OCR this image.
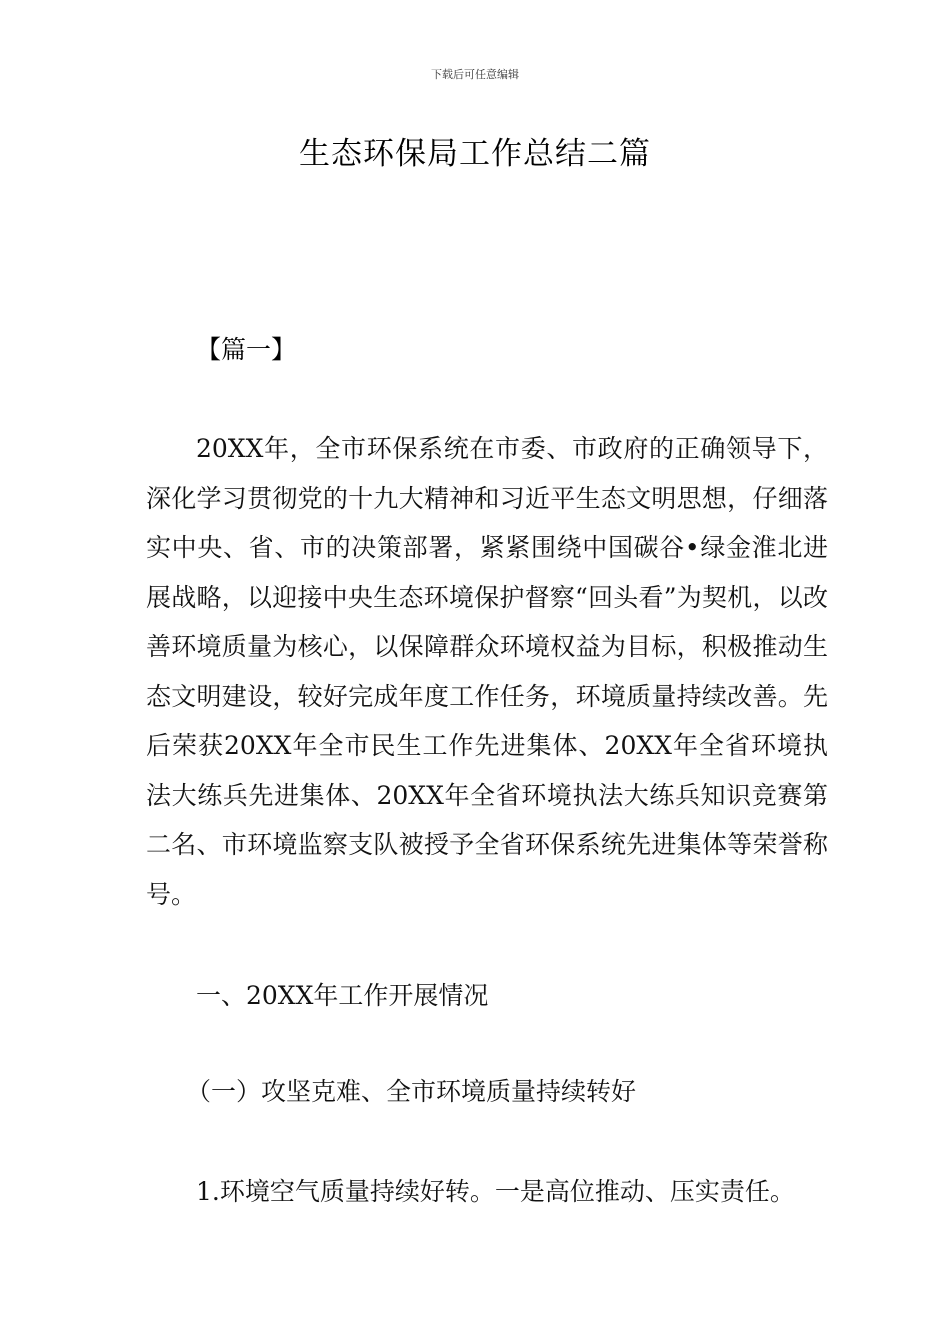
下载后可任意编辑
生态环保局工作总结二篇
【篇一】
20XX年，全市环保系统在市委、市政府的正确领导下，深化学习贯彻党的十九大精神和习近平生态文明思想，仔细落实中央、省、市的决策部署，紧紧围绕中国碳谷•绿金淮北进展战略，以迎接中央生态环境保护督察“回头看”为契机，以改善环境质量为核心，以保障群众环境权益为目标，积极推动生态文明建设，较好完成年度工作任务，环境质量持续改善。先后荣获20XX年全市民生工作先进集体、20XX年全省环境执法大练兵先进集体、20XX年全省环境执法大练兵知识竞赛第二名、市环境监察支队被授予全省环保系统先进集体等荣誉称号。
一、20XX年工作开展情况
（一）攻坚克难、全市环境质量持续转好
1.环境空气质量持续好转。一是高位推动、压实责任。
